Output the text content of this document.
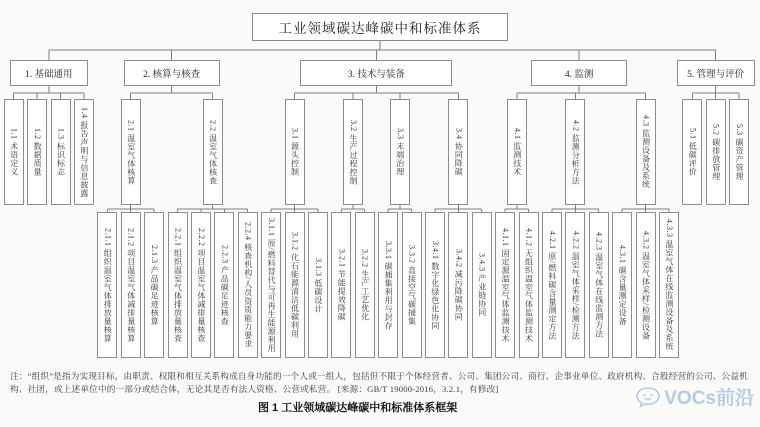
1.1 术语定义	1.2 数据质量	1.3 标识标志	1.4 报告声明与信息披露
1. 基础通用
2.1.1 组织温室气体排放量核算	2.1.2 项目温室气体减排量核算	2.1.3 产品碳足迹核算
2.1 温室气体核算
2.2.1 组织温室气体排放量核查	2.2.2 项目温室气体减排量核查	2.2.3 产品碳足迹核查	2.2.4 核查机构/人员资质能力要求
2.2 温室气体核查
2. 核算与核查
3.1.1 原/燃料替代与可再生能源利用	3.1.2 化石能源清洁低碳利用	3.1.3 低碳设计
3.1 源头控制
3.2.1 节能提效降碳	3.2.2 生产工艺优化
3.2 生产过程控制
3.3.1 碳捕集利用与封存	3.3.2 直接空气碳捕集
3.3 末端治理
3.4.1 数字化绿色化协同	3.4.2 减污降碳协同	3.4.3 产业链协同
3.4 协同降碳
3. 技术与装备
4.1.1 固定源温室气体监测技术	4.1.2 无组织温室气体监测技术
4.1 监测技术
4.2.1 原/燃料碳含量测定方法	4.2.2 温室气体采样/检测方法	4.2.3 温室气体在线监测方法
4.2 监测分析方法
4.3.1 碳含量测定设备	4.3.2 温室气体采样/检测设备	4.3.3 温室气体在线监测设备及系统
4.3 监测设备及系统
4. 监测
5.1 低碳评价	5.2 碳排放管理	5.3 碳资产管理
5. 管理与评价
工业领域碳达峰碳中和标准体系

注：“组织”是指为实现目标，由职责、权限和相互关系构成自身功能的一个人或一组人，包括但不限于个体经营者、公司、集团公司、商行、企事业单位、政府机构、合股经营的公司、公益机构、社团，或上述单位中的一部分或结合体，无论其是否有法人资格、公营或私营。 [来源：GB/T 19000-2016，3.2.1，有修改]

图 1 工业领域碳达峰碳中和标准体系框架	VOCs前沿
